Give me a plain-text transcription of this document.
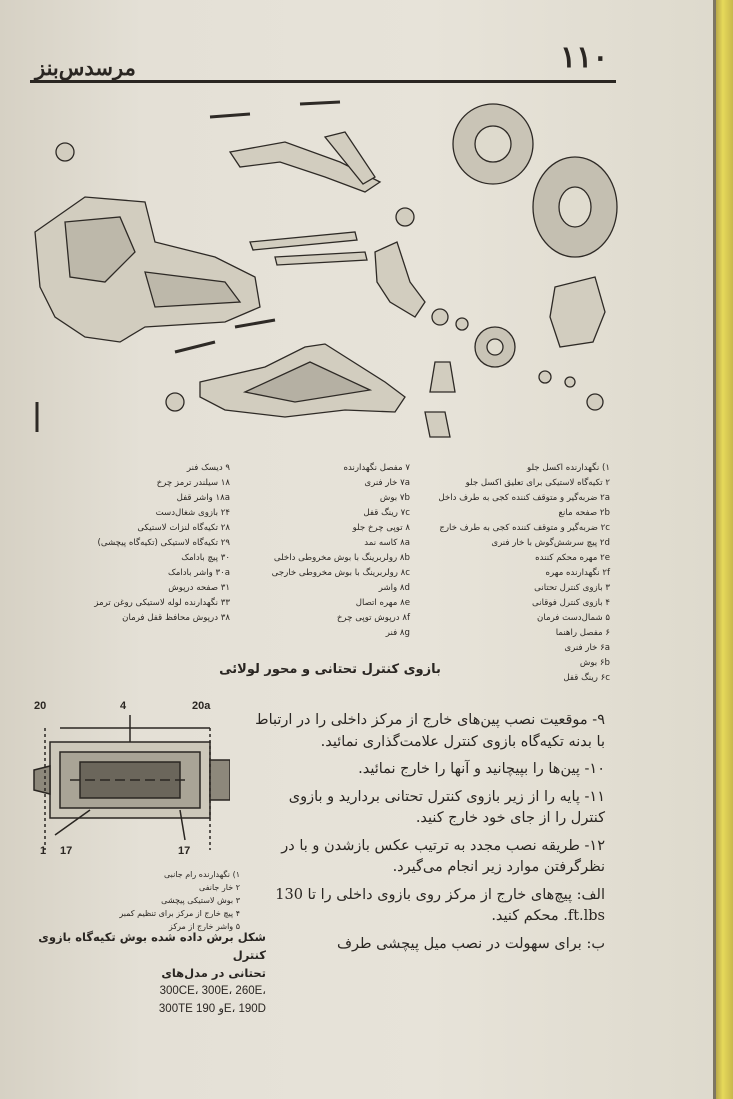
١١٠
مرسدس‌بنز
١) نگهدارنده اکسل جلو
٢ تکیه‌گاه لاستیکی برای تعلیق اکسل جلو
٢a ضربه‌گیر و متوقف کننده کجی به طرف داخل
٢b صفحه مانع
٢c ضربه‌گیر و متوقف کننده کجی به طرف خارج
٢d پیچ سرشش‌گوش با خار فنری
٢e مهره محکم کننده
٢f نگهدارنده مهره
٣ بازوی کنترل تحتانی
۴ بازوی کنترل فوقانی
۵ شمال‌دست فرمان
۶ مفصل راهنما
۶a خار فنری
۶b بوش
۶c رینگ قفل
٧ مفصل نگهدارنده
٧a خار فنری
٧b بوش
٧c رینگ قفل
٨ توپی چرخ جلو
٨a کاسه نمد
٨b رولربرینگ با بوش مخروطی داخلی
٨c رولربرینگ با بوش مخروطی خارجی
٨d واشر
٨e مهره اتصال
٨f درپوش توپی چرخ
٨g فنر
٩ دیسک فنر
١٨ سیلندر ترمز چرخ
١٨a واشر قفل
٢۴ بازوی شغال‌دست
٢٨ تکیه‌گاه لنزات لاستیکی
٢٩ تکیه‌گاه لاستیکی (تکیه‌گاه پیچشی)
٣٠ پیچ بادامک
٣٠a واشر بادامک
٣١ صفحه درپوش
٣٣ نگهدارنده لوله لاستیکی روغن ترمز
٣٨ درپوش محافظ قفل فرمان
بازوی کنترل تحتانی و محور لولائی
20	4	20a
1 17	17
١) نگهدارنده رام جانبی
٢ خار جانفی
٣ بوش لاستیکی پیچشی
۴ پیچ خارج از مرکز برای تنظیم کمبر
۵ واشر خارج از مرکز
شکل برش داده شده بوش تکیه‌گاه بازوی کنترل
تحتانی در مدل‌های
300CE، 300E، 260E،
300TE و 190E، 190D

٩- موقعیت نصب پین‌های خارج از مرکز داخلی را در ارتباط با بدنه تکیه‌گاه بازوی کنترل علامت‌گذاری نمائید.

١٠- پین‌ها را بپیچانید و آنها را خارج نمائید.

١١- پایه را از زیر بازوی کنترل تحتانی بردارید و بازوی کنترل را از جای خود خارج کنید.

١٢- طریقه نصب مجدد به ترتیب عکس بازشدن و با در نظرگرفتن موارد زیر انجام می‌گیرد.

الف: پیچ‌های خارج از مرکز روی بازوی داخلی را تا 130 ft.lbs. محکم کنید.

ب: برای سهولت در نصب میل پیچشی طرف
